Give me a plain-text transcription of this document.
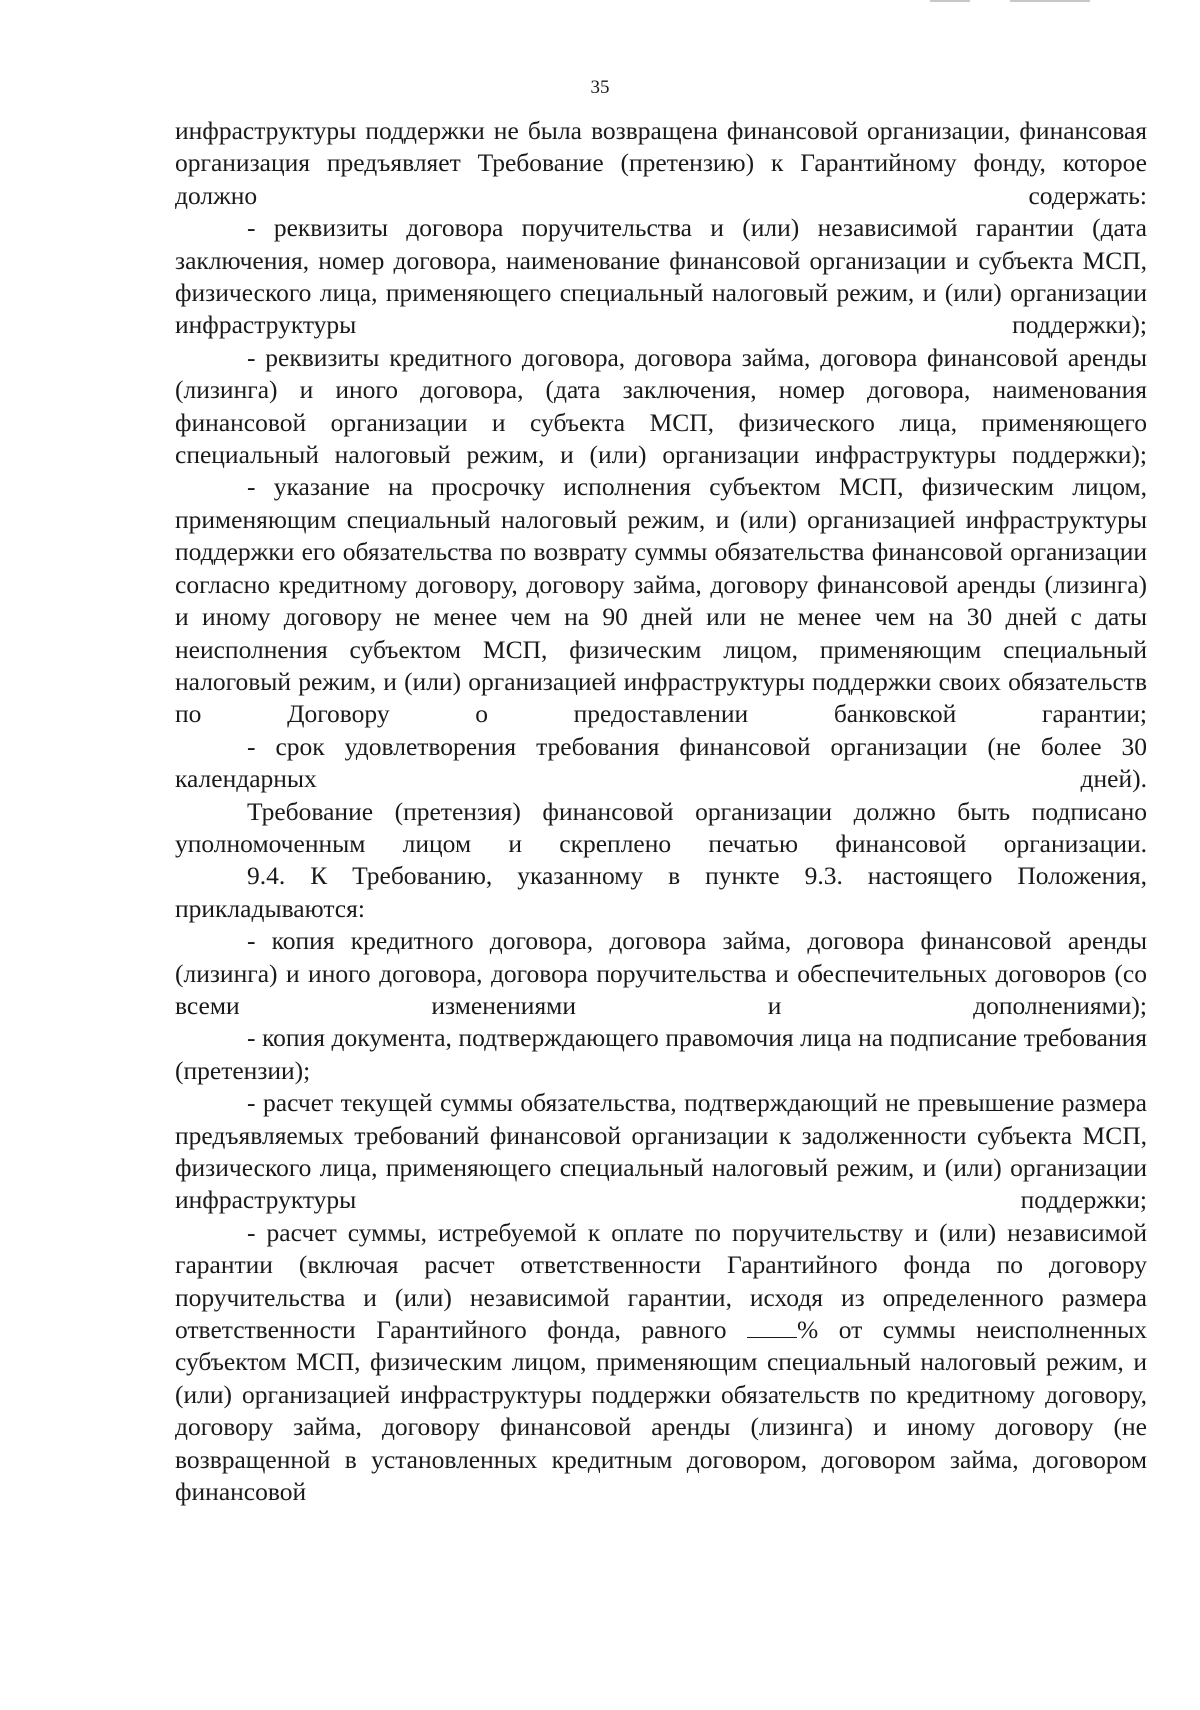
35

инфраструктуры поддержки не была возвращена финансовой организации, финансовая организация предъявляет Требование (претензию) к Гарантийному фонду, которое должно содержать:

- реквизиты договора поручительства и (или) независимой гарантии (дата заключения, номер договора, наименование финансовой организации и субъекта МСП, физического лица, применяющего специальный налоговый режим, и (или) организации инфраструктуры поддержки);

- реквизиты кредитного договора, договора займа, договора финансовой аренды (лизинга) и иного договора, (дата заключения, номер договора, наименования финансовой организации и субъекта МСП, физического лица, применяющего специальный налоговый режим, и (или) организации инфраструктуры поддержки);

- указание на просрочку исполнения субъектом МСП, физическим лицом, применяющим специальный налоговый режим, и (или) организацией инфраструктуры поддержки его обязательства по возврату суммы обязательства финансовой организации согласно кредитному договору, договору займа, договору финансовой аренды (лизинга) и иному договору не менее чем на 90 дней или не менее чем на 30 дней с даты неисполнения субъектом МСП, физическим лицом, применяющим специальный налоговый режим, и (или) организацией инфраструктуры поддержки своих обязательств по Договору о предоставлении банковской гарантии;

- срок удовлетворения требования финансовой организации (не более 30 календарных дней).

Требование (претензия) финансовой организации должно быть подписано уполномоченным лицом и скреплено печатью финансовой организации.

9.4. К Требованию, указанному в пункте 9.3. настоящего Положения, прикладываются:

- копия кредитного договора, договора займа, договора финансовой аренды (лизинга) и иного договора, договора поручительства и обеспечительных договоров (со всеми изменениями и дополнениями);

- копия документа, подтверждающего правомочия лица на подписание требования (претензии);

- расчет текущей суммы обязательства, подтверждающий не превышение размера предъявляемых требований финансовой организации к задолженности субъекта МСП, физического лица, применяющего специальный налоговый режим, и (или) организации инфраструктуры поддержки;

- расчет суммы, истребуемой к оплате по поручительству и (или) независимой гарантии (включая расчет ответственности Гарантийного фонда по договору поручительства и (или) независимой гарантии, исходя из определенного размера ответственности Гарантийного фонда, равного % от суммы неисполненных субъектом МСП, физическим лицом, применяющим специальный налоговый режим, и (или) организацией инфраструктуры поддержки обязательств по кредитному договору, договору займа, договору финансовой аренды (лизинга) и иному договору (не возвращенной в установленных кредитным договором, договором займа, договором финансовой
